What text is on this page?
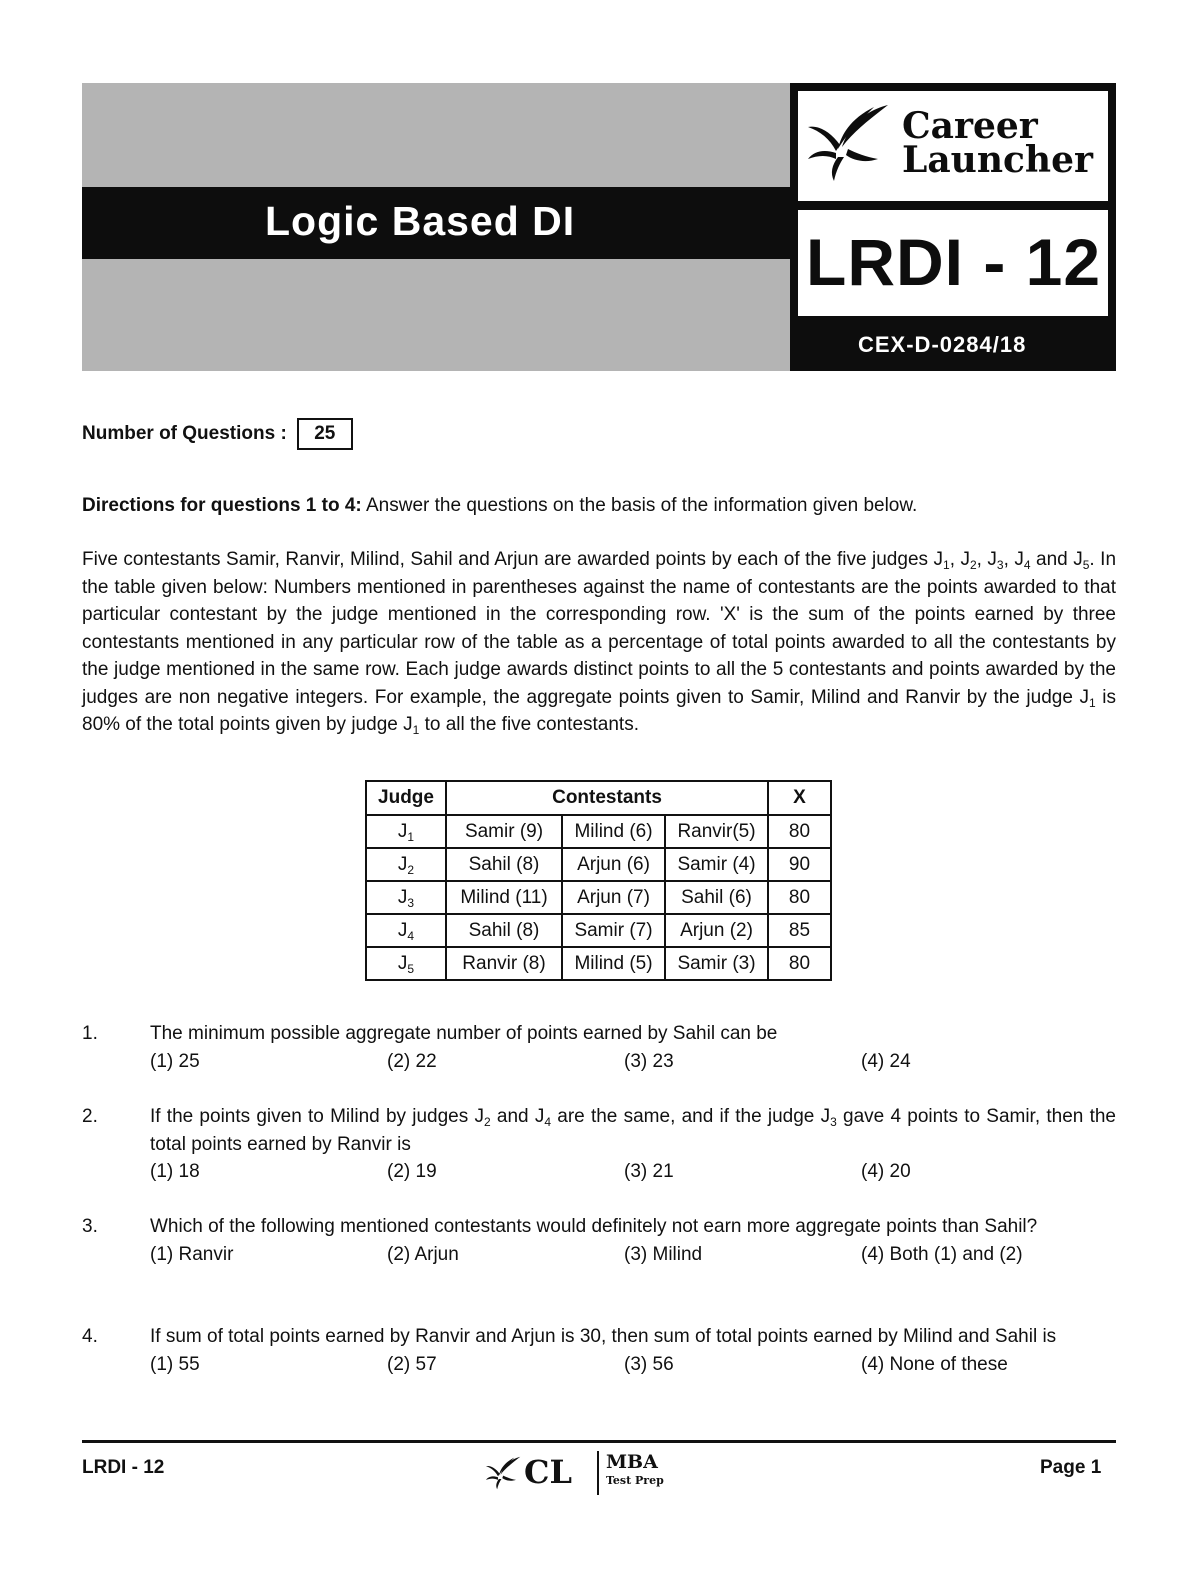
Logic Based DI
Career
Launcher
LRDI - 12
CEX-D-0284/18
Number of Questions : 25
Directions for questions 1 to 4: Answer the questions on the basis of the information given below.
Five contestants Samir, Ranvir, Milind, Sahil and Arjun are awarded points by each of the five judges $J_1$, $J_2$, $J_3$, $J_4$ and $J_5$. In the table given below: Numbers mentioned in parentheses against the name of contestants are the points awarded to that particular contestant by the judge mentioned in the corresponding row. 'X' is the sum of the points earned by three contestants mentioned in any particular row of the table as a percentage of total points awarded to all the contestants by the judge mentioned in the same row. Each judge awards distinct points to all the 5 contestants and points awarded by the judges are non negative integers. For example, the aggregate points given to Samir, Milind and Ranvir by the judge $J_1$ is 80% of the total points given by judge $J_1$ to all the five contestants.
Judge	Contestants			X
$J_1$	Samir (9)	Milind (6)	Ranvir(5)	80
$J_2$	Sahil (8)	Arjun (6)	Samir (4)	90
$J_3$	Milind (11)	Arjun (7)	Sahil (6)	80
$J_4$	Sahil (8)	Samir (7)	Arjun (2)	85
$J_5$	Ranvir (8)	Milind (5)	Samir (3)	80
1.	The minimum possible aggregate number of points earned by Sahil can be
(1) 25	(2) 22	(3) 23	(4) 24
2.	If the points given to Milind by judges $J_2$ and $J_4$ are the same, and if the judge $J_3$ gave 4 points to Samir, then the total points earned by Ranvir is
(1) 18	(2) 19	(3) 21	(4) 20
3.	Which of the following mentioned contestants would definitely not earn more aggregate points than Sahil?
(1) Ranvir	(2) Arjun	(3) Milind	(4) Both (1) and (2)
4.	If sum of total points earned by Ranvir and Arjun is 30, then sum of total points earned by Milind and Sahil is
(1) 55	(2) 57	(3) 56	(4) None of these
LRDI - 12	CL MBA
Test Prep
Page 1
